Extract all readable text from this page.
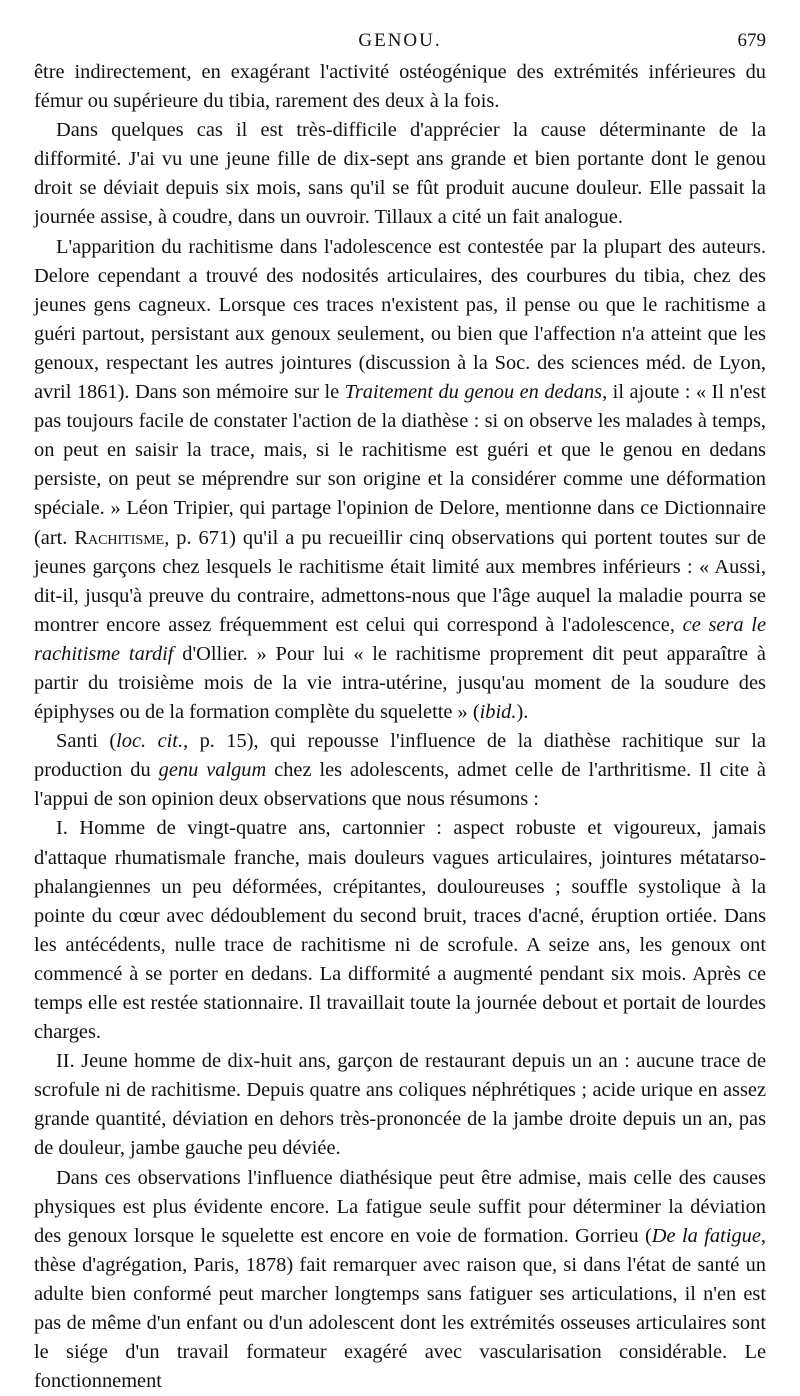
GENOU.	679

être indirectement, en exagérant l'activité ostéogénique des extrémités inférieures du fémur ou supérieure du tibia, rarement des deux à la fois.

Dans quelques cas il est très-difficile d'apprécier la cause déterminante de la difformité. J'ai vu une jeune fille de dix-sept ans grande et bien portante dont le genou droit se déviait depuis six mois, sans qu'il se fût produit aucune douleur. Elle passait la journée assise, à coudre, dans un ouvroir. Tillaux a cité un fait analogue.

L'apparition du rachitisme dans l'adolescence est contestée par la plupart des auteurs. Delore cependant a trouvé des nodosités articulaires, des courbures du tibia, chez des jeunes gens cagneux. Lorsque ces traces n'existent pas, il pense ou que le rachitisme a guéri partout, persistant aux genoux seulement, ou bien que l'affection n'a atteint que les genoux, respectant les autres jointures (discussion à la Soc. des sciences méd. de Lyon, avril 1861). Dans son mémoire sur le Traitement du genou en dedans, il ajoute : « Il n'est pas toujours facile de constater l'action de la diathèse : si on observe les malades à temps, on peut en saisir la trace, mais, si le rachitisme est guéri et que le genou en dedans persiste, on peut se méprendre sur son origine et la considérer comme une déformation spéciale. » Léon Tripier, qui partage l'opinion de Delore, mentionne dans ce Dictionnaire (art. Rachitisme, p. 671) qu'il a pu recueillir cinq observations qui portent toutes sur de jeunes garçons chez lesquels le rachitisme était limité aux membres inférieurs : « Aussi, dit-il, jusqu'à preuve du contraire, admettons-nous que l'âge auquel la maladie pourra se montrer encore assez fréquemment est celui qui correspond à l'adolescence, ce sera le rachitisme tardif d'Ollier. » Pour lui « le rachitisme proprement dit peut apparaître à partir du troisième mois de la vie intra-utérine, jusqu'au moment de la soudure des épiphyses ou de la formation complète du squelette » (ibid.).

Santi (loc. cit., p. 15), qui repousse l'influence de la diathèse rachitique sur la production du genu valgum chez les adolescents, admet celle de l'arthritisme. Il cite à l'appui de son opinion deux observations que nous résumons :

I. Homme de vingt-quatre ans, cartonnier : aspect robuste et vigoureux, jamais d'attaque rhumatismale franche, mais douleurs vagues articulaires, jointures métatarso-phalangiennes un peu déformées, crépitantes, douloureuses ; souffle systolique à la pointe du cœur avec dédoublement du second bruit, traces d'acné, éruption ortiée. Dans les antécédents, nulle trace de rachitisme ni de scrofule. A seize ans, les genoux ont commencé à se porter en dedans. La difformité a augmenté pendant six mois. Après ce temps elle est restée stationnaire. Il travaillait toute la journée debout et portait de lourdes charges.

II. Jeune homme de dix-huit ans, garçon de restaurant depuis un an : aucune trace de scrofule ni de rachitisme. Depuis quatre ans coliques néphrétiques ; acide urique en assez grande quantité, déviation en dehors très-prononcée de la jambe droite depuis un an, pas de douleur, jambe gauche peu déviée.

Dans ces observations l'influence diathésique peut être admise, mais celle des causes physiques est plus évidente encore. La fatigue seule suffit pour déterminer la déviation des genoux lorsque le squelette est encore en voie de formation. Gorrieu (De la fatigue, thèse d'agrégation, Paris, 1878) fait remarquer avec raison que, si dans l'état de santé un adulte bien conformé peut marcher longtemps sans fatiguer ses articulations, il n'en est pas de même d'un enfant ou d'un adolescent dont les extrémités osseuses articulaires sont le siége d'un travail formateur exagéré avec vascularisation considérable. Le fonctionnement
